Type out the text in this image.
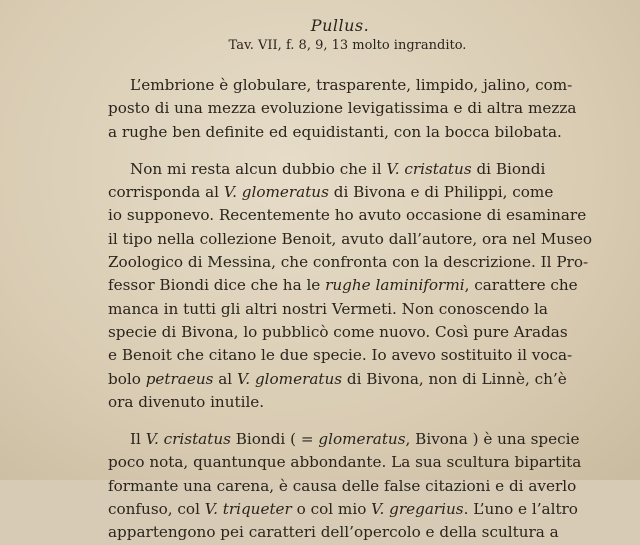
Pullus.
Tav. VII, f. 8, 9, 13 molto ingrandito.
L’embrione è globulare, trasparente, limpido, jalino, com-
posto di una mezza evoluzione levigatissima e di altra mezza
a rughe ben definite ed equidistanti, con la bocca bilobata.
Non mi resta alcun dubbio che il V. cristatus di Biondi
corrisponda al V. glomeratus di Bivona e di Philippi, come
io supponevo. Recentemente ho avuto occasione di esaminare
il tipo nella collezione Benoit, avuto dall’autore, ora nel Museo
Zoologico di Messina, che confronta con la descrizione. Il Pro-
fessor Biondi dice che ha le rughe laminiformi, carattere che
manca in tutti gli altri nostri Vermeti. Non conoscendo la
specie di Bivona, lo pubblicò come nuovo. Così pure Aradas
e Benoit che citano le due specie. Io avevo sostituito il voca-
bolo petraeus al V. glomeratus di Bivona, non di Linnè, ch’è
ora divenuto inutile.
Il V. cristatus Biondi ( = glomeratus, Bivona ) è una specie
poco nota, quantunque abbondante. La sua scultura bipartita
formante una carena, è causa delle false citazioni e di averlo
confuso, col V. triqueter o col mio V. gregarius. L’uno e l’altro
appartengono pei caratteri dell’opercolo e della scultura a
